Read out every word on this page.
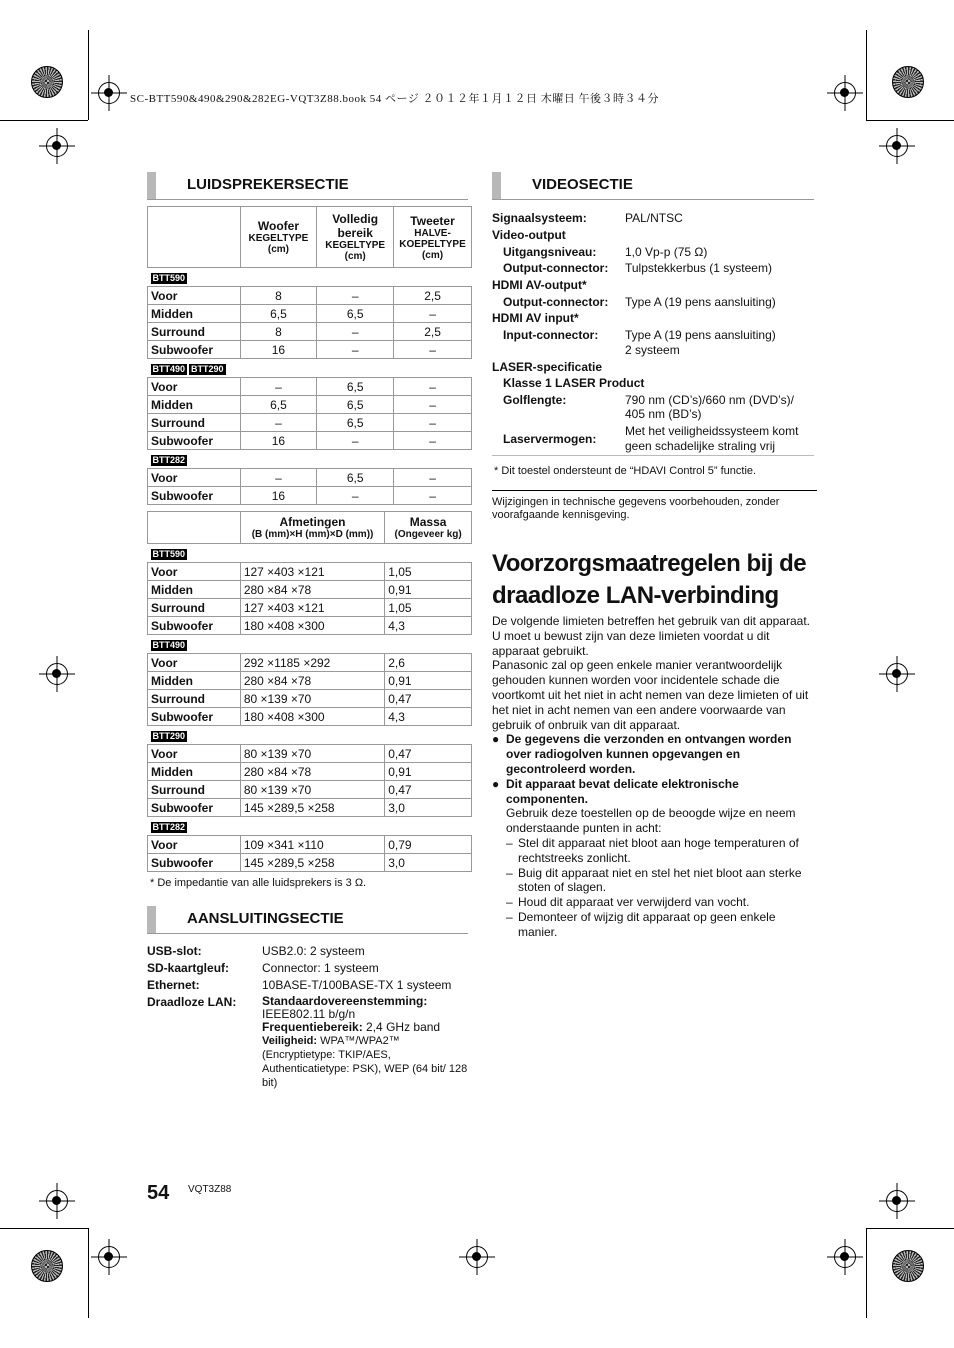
SC-BTT590&490&290&282EG-VQT3Z88.book 54 ページ ２０１２年１月１２日 木曜日 午後３時３４分
LUIDSPREKERSECTIE
	Woofer
KEGELTYPE
(cm)	Volledig bereik
KEGELTYPE
(cm)	Tweeter
HALVE-KOEPELTYPE
(cm)

BTT590			
Voor	8	–	2,5
Midden	6,5	6,5	–
Surround	8	–	2,5
Subwoofer	16	–	–
BTT490 BTT290			
Voor	–	6,5	–
Midden	6,5	6,5	–
Surround	–	6,5	–
Subwoofer	16	–	–
BTT282			
Voor	–	6,5	–
Subwoofer	16	–	–
	Afmetingen
(B (mm)×H (mm)×D (mm))	Massa
(Ongeveer kg)

BTT590		
Voor	127 ×403 ×121	1,05
Midden	280 ×84 ×78	0,91
Surround	127 ×403 ×121	1,05
Subwoofer	180 ×408 ×300	4,3
BTT490		
Voor	292 ×1185 ×292	2,6
Midden	280 ×84 ×78	0,91
Surround	80 ×139 ×70	0,47
Subwoofer	180 ×408 ×300	4,3
BTT290		
Voor	80 ×139 ×70	0,47
Midden	280 ×84 ×78	0,91
Surround	80 ×139 ×70	0,47
Subwoofer	145 ×289,5 ×258	3,0
BTT282		
Voor	109 ×341 ×110	0,79
Subwoofer	145 ×289,5 ×258	3,0
* De impedantie van alle luidsprekers is 3 Ω.
AANSLUITINGSECTIE
USB-slot:	USB2.0: 2 systeem
SD-kaartgleuf:	Connector: 1 systeem
Ethernet:	10BASE-T/100BASE-TX 1 systeem
Draadloze LAN: Standaardovereenstemming:
IEEE802.11 b/g/n
Frequentiebereik: 2,4 GHz band
Veiligheid: WPA™/WPA2™
(Encryptietype: TKIP/AES, Authenticatietype: PSK), WEP (64 bit/ 128 bit)
VIDEOSECTIE
Signaalsysteem:	PAL/NTSC
Video-output
Uitgangsniveau: 1,0 Vp-p (75 Ω)
Output-connector: Tulpstekkerbus (1 systeem)
HDMI AV-output*
Output-connector: Type A (19 pens aansluiting)
HDMI AV input*
Input-connector: Type A (19 pens aansluiting)
2 systeem
LASER-specificatie
Klasse 1 LASER Product
Golflengte:	790 nm (CD’s)/660 nm (DVD’s)/ 405 nm (BD’s)
Laservermogen:
Met het veiligheidssysteem komt geen schadelijke straling vrij
* Dit toestel ondersteunt de “HDAVI Control 5” functie.
Wijzigingen in technische gegevens voorbehouden, zonder voorafgaande kennisgeving.
Voorzorgsmaatregelen bij de draadloze LAN-verbinding
De volgende limieten betreffen het gebruik van dit apparaat. U moet u bewust zijn van deze limieten voordat u dit apparaat gebruikt.
Panasonic zal op geen enkele manier verantwoordelijk gehouden kunnen worden voor incidentele schade die voortkomt uit het niet in acht nemen van deze limieten of uit het niet in acht nemen van een andere voorwaarde van gebruik of onbruik van dit apparaat.
● De gegevens die verzonden en ontvangen worden over radiogolven kunnen opgevangen en gecontroleerd worden.
● Dit apparaat bevat delicate elektronische componenten.
Gebruik deze toestellen op de beoogde wijze en neem onderstaande punten in acht:
– Stel dit apparaat niet bloot aan hoge temperaturen of rechtstreeks zonlicht.
– Buig dit apparaat niet en stel het niet bloot aan sterke stoten of slagen.
– Houd dit apparaat ver verwijderd van vocht.
– Demonteer of wijzig dit apparaat op geen enkele manier.
54 VQT3Z88
